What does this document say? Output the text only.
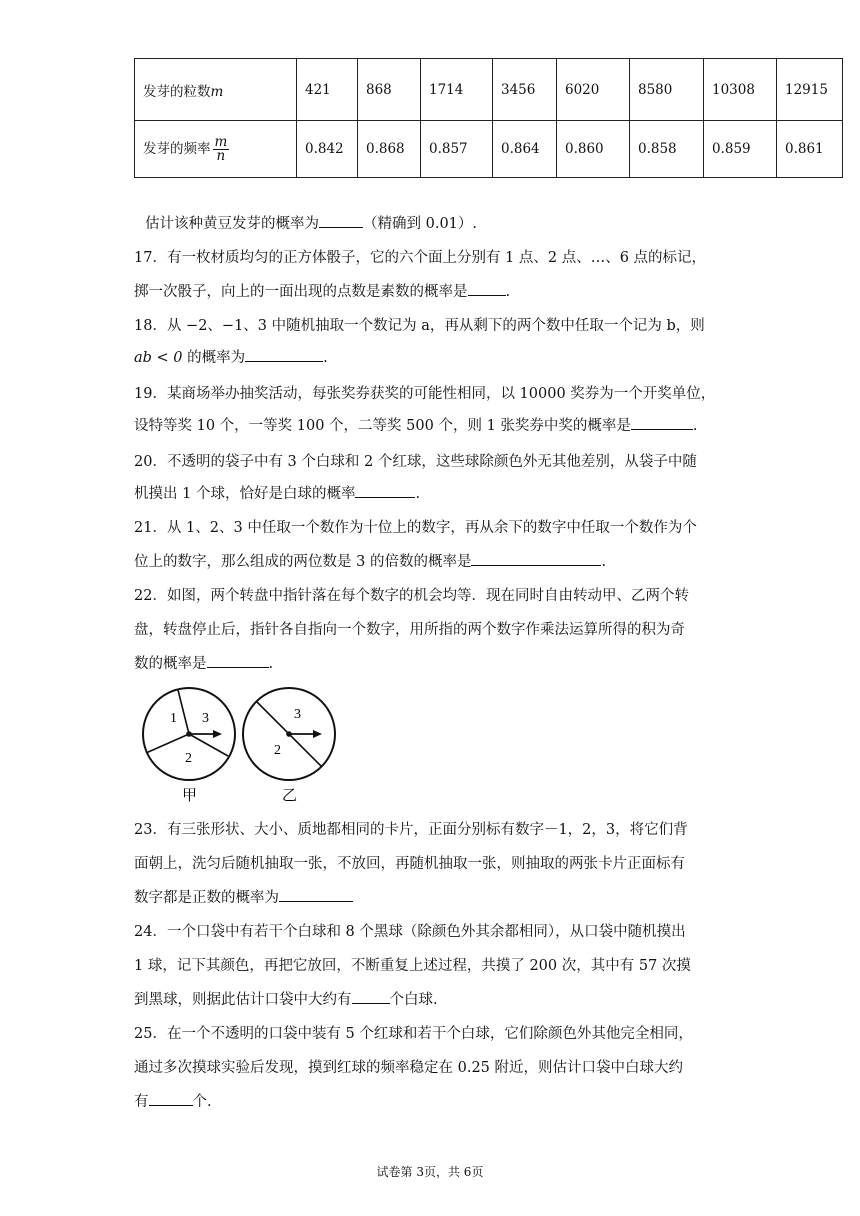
发芽的粒数m	421	868	1714	3456	6020	8580	10308	12915
发芽的频率 $\frac{m}{n}$	0.842	0.868	0.857	0.864	0.860	0.858	0.859	0.861
估计该种黄豆发芽的概率为	（精确到 0.01）.
17．有一枚材质均匀的正方体骰子，它的六个面上分别有 1 点、2 点、…、6 点的标记，
掷一次骰子，向上的一面出现的点数是素数的概率是	.
18．从 −2、−1、3 中随机抽取一个数记为 a，再从剩下的两个数中任取一个记为 b，则
ab < 0 的概率为	.
19．某商场举办抽奖活动，每张奖券获奖的可能性相同，以 10000 奖券为一个开奖单位，
设特等奖 10 个，一等奖 100 个，二等奖 500 个，则 1 张奖券中奖的概率是	.
20．不透明的袋子中有 3 个白球和 2 个红球，这些球除颜色外无其他差别，从袋子中随
机摸出 1 个球，恰好是白球的概率	.
21．从 1、2、3 中任取一个数作为十位上的数字，再从余下的数字中任取一个数作为个
位上的数字，那么组成的两位数是 3 的倍数的概率是	.
22．如图，两个转盘中指针落在每个数字的机会均等．现在同时自由转动甲、乙两个转
盘，转盘停止后，指针各自指向一个数字，用所指的两个数字作乘法运算所得的积为奇
数的概率是	.
1 3
2
3
2
甲	乙
23．有三张形状、大小、质地都相同的卡片，正面分别标有数字－1，2，3，将它们背
面朝上，洗匀后随机抽取一张，不放回，再随机抽取一张，则抽取的两张卡片正面标有
数字都是正数的概率为
24．一个口袋中有若干个白球和 8 个黑球（除颜色外其余都相同），从口袋中随机摸出
1 球，记下其颜色，再把它放回，不断重复上述过程，共摸了 200 次，其中有 57 次摸
到黑球，则据此估计口袋中大约有	个白球.
25．在一个不透明的口袋中装有 5 个红球和若干个白球，它们除颜色外其他完全相同，
通过多次摸球实验后发现，摸到红球的频率稳定在 0.25 附近，则估计口袋中白球大约
有	个.
试卷第 3页，共 6页
